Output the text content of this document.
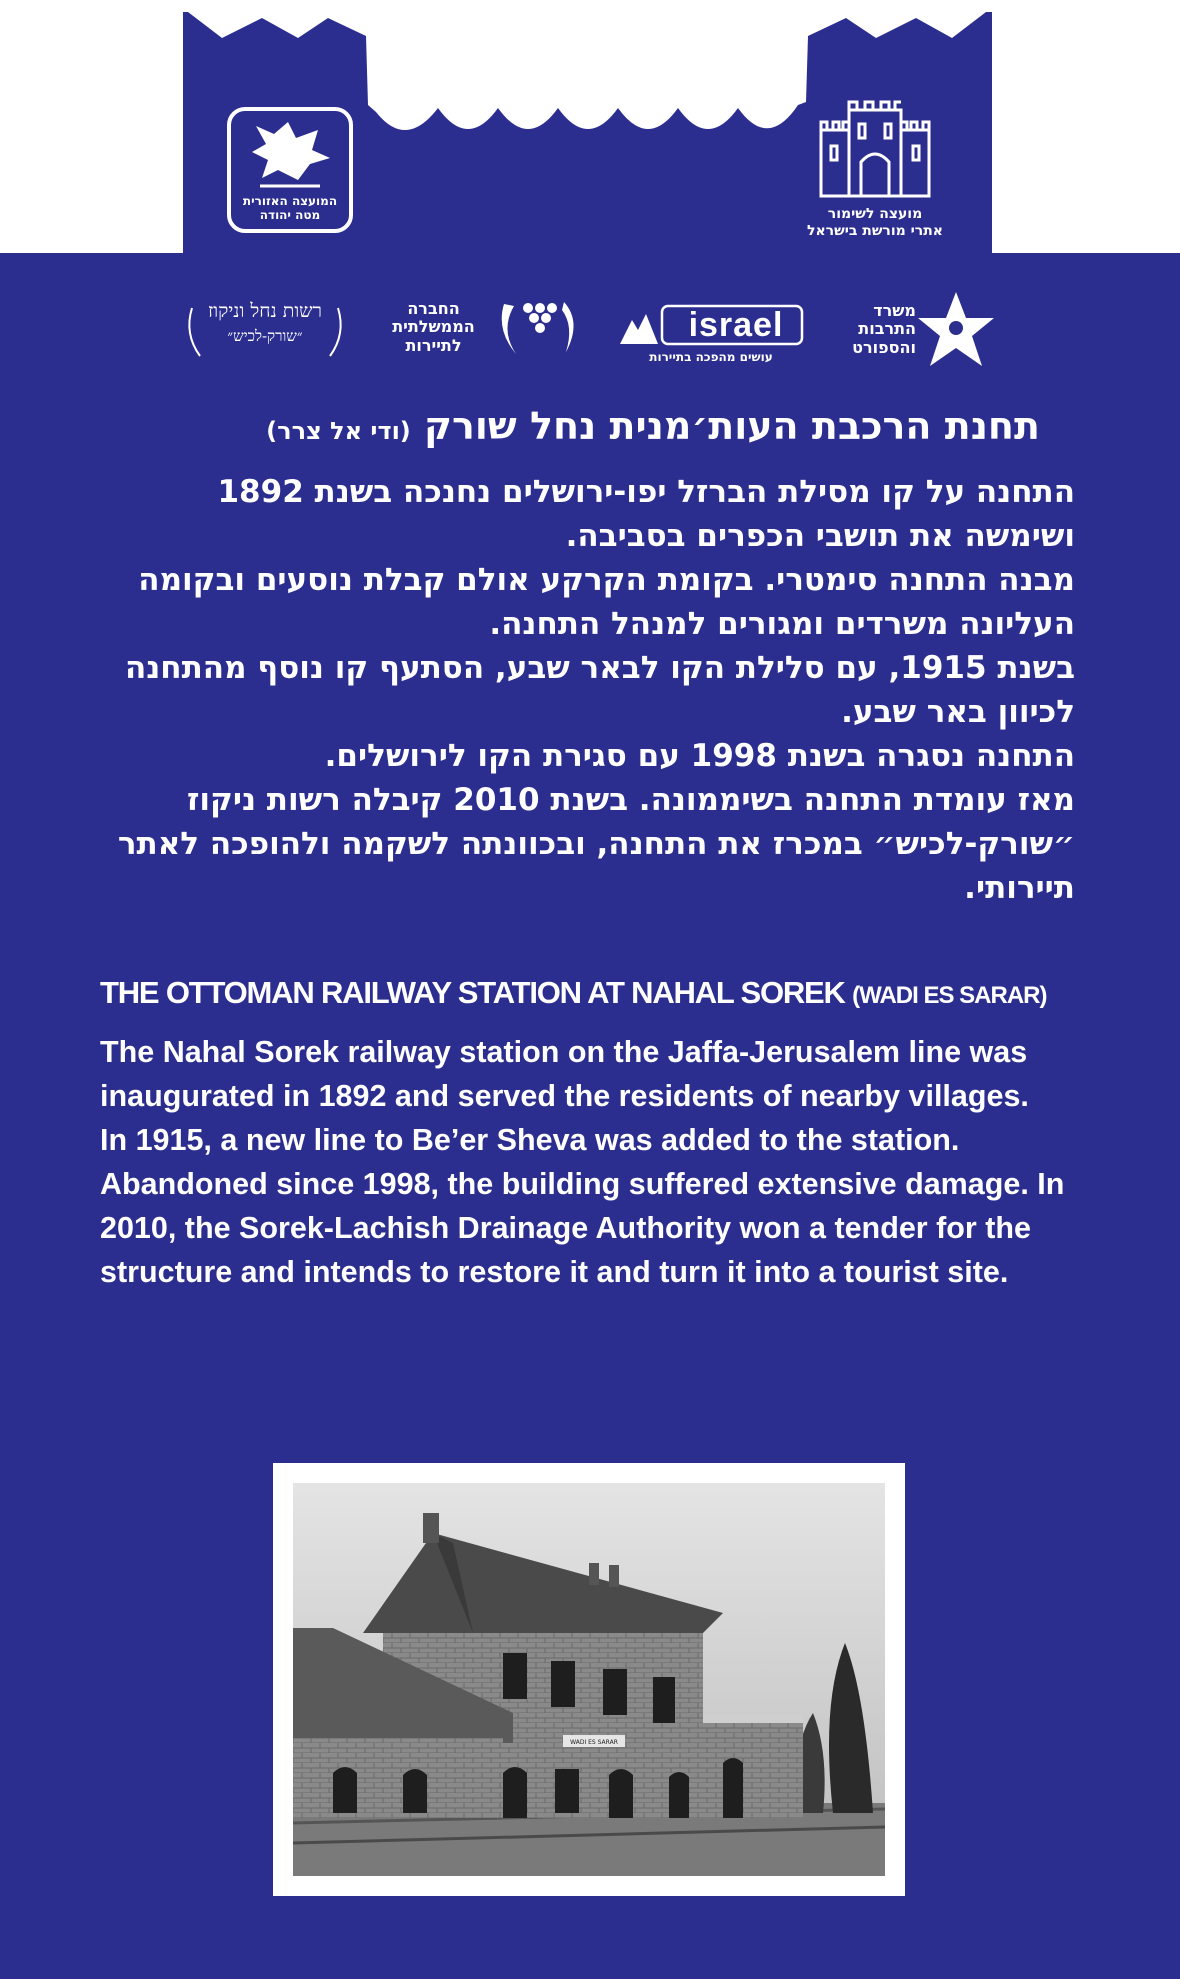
המועצה האזורית
מטה יהודה	מועצה לשימור
אתרי מורשת בישראל
משרד
התרבות
והספורט
israel
עושים מהפכה בתיירות
החברה
הממשלתית
לתיירות
רשות נחל וניקוז
״שורק-לכיש״
תחנת הרכבת העות׳מנית נחל שורק (ודי אל צרר)

התחנה על קו מסילת הברזל יפו-ירושלים נחנכה בשנת 1892 ושימשה את תושבי הכפרים בסביבה.

מבנה התחנה סימטרי. בקומת הקרקע אולם קבלת נוסעים ובקומה העליונה משרדים ומגורים למנהל התחנה.

בשנת 1915, עם סלילת הקו לבאר שבע, הסתעף קו נוסף מהתחנה לכיוון באר שבע.

התחנה נסגרה בשנת 1998 עם סגירת הקו לירושלים.

מאז עומדת התחנה בשיממונה. בשנת 2010 קיבלה רשות ניקוז ״שורק-לכיש״ במכרז את התחנה, ובכוונתה לשקמה ולהופכה לאתר תיירותי.

THE OTTOMAN RAILWAY STATION AT NAHAL SOREK (WADI ES SARAR)

The Nahal Sorek railway station on the Jaffa-Jerusalem line was inaugurated in 1892 and served the residents of nearby villages.

In 1915, a new line to Be’er Sheva was added to the station. Abandoned since 1998, the building suffered extensive damage. In 2010, the Sorek-Lachish Drainage Authority won a tender for the structure and intends to restore it and turn it into a tourist site.

WADI ES SARAR
